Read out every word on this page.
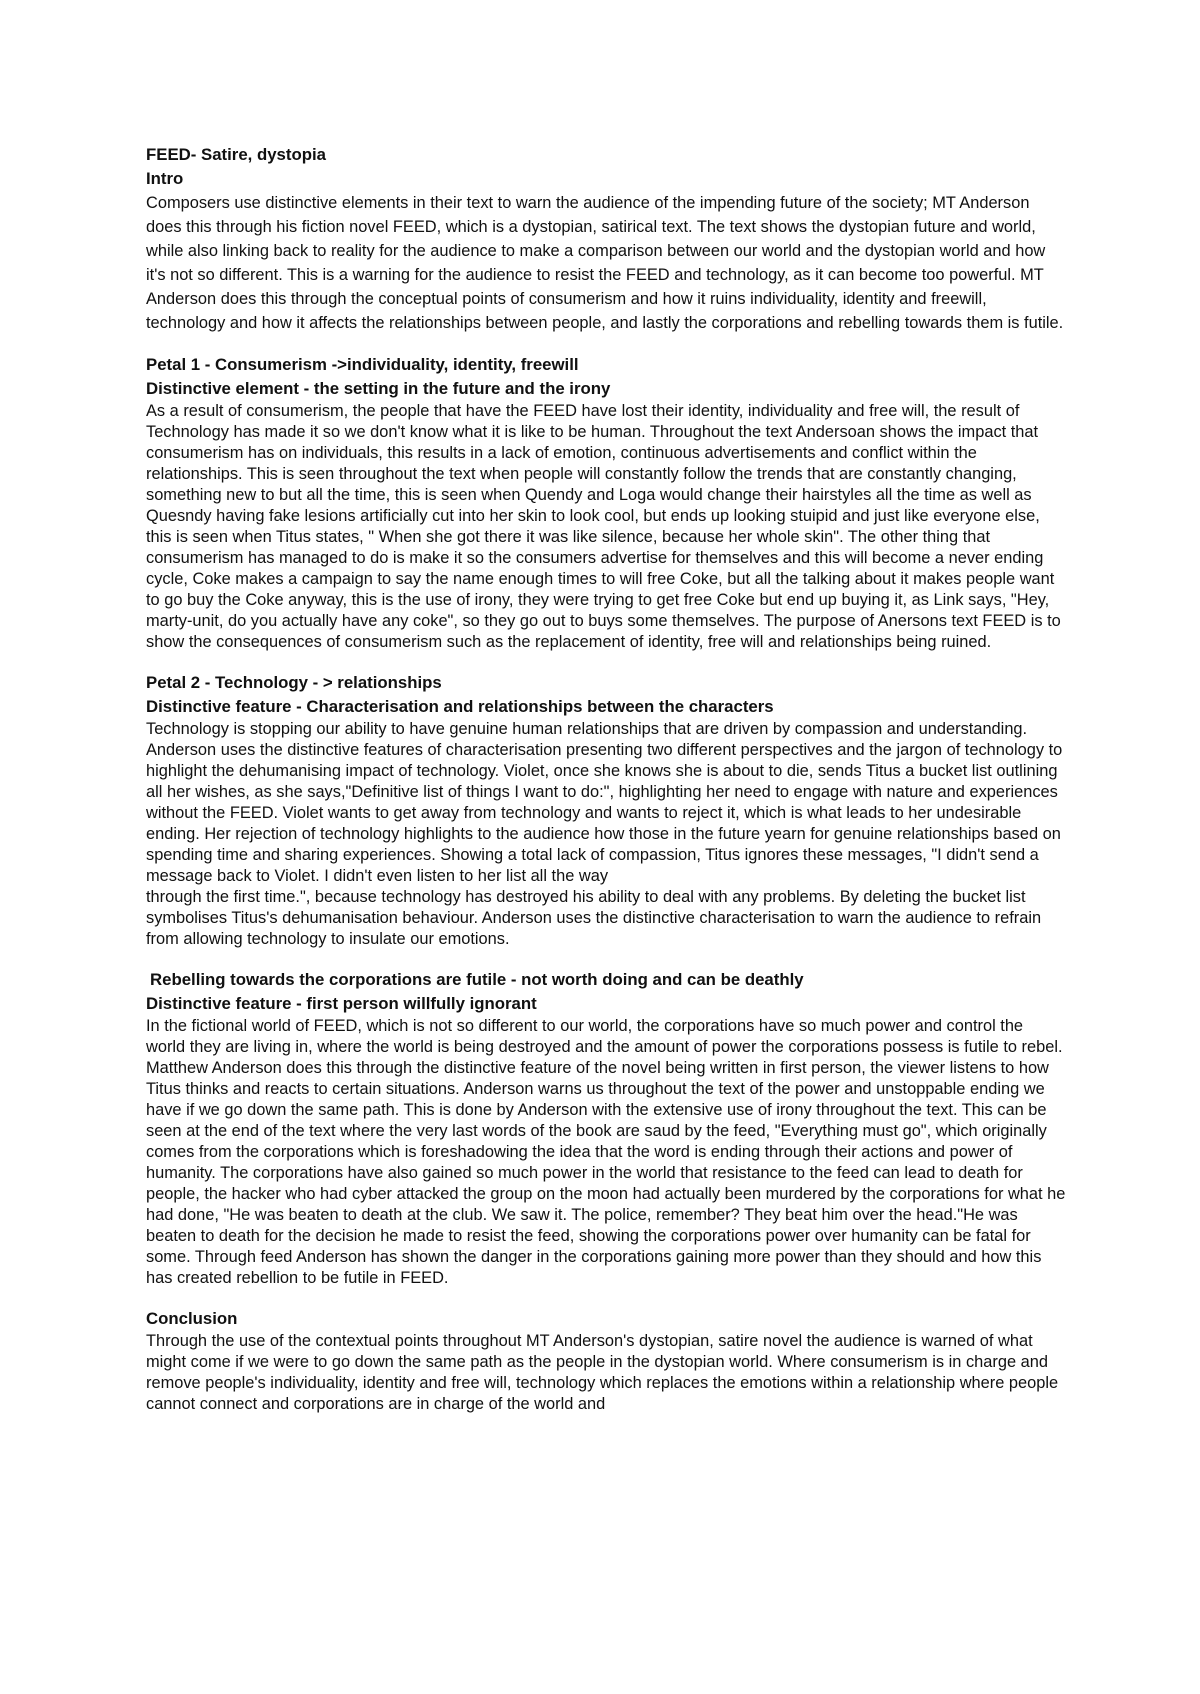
FEED- Satire, dystopia

Intro

Composers use distinctive elements in their text to warn the audience of the impending future of the society; MT Anderson does this through his fiction novel FEED, which is a dystopian, satirical text. The text shows the dystopian future and world, while also linking back to reality for the audience to make a comparison between our world and the dystopian world and how it's not so different. This is a warning for the audience to resist the FEED and technology, as it can become too powerful. MT Anderson does this through the conceptual points of consumerism and how it ruins individuality, identity and freewill, technology and how it affects the relationships between people, and lastly the corporations and rebelling towards them is futile.

Petal 1 - Consumerism ->individuality, identity, freewill

Distinctive element - the setting in the future and the irony

As a result of consumerism, the people that have the FEED have lost their identity, individuality and free will, the result of Technology has made it so we don't know what it is like to be human. Throughout the text Andersoan shows the impact that consumerism has on individuals, this results in a lack of emotion, continuous advertisements and conflict within the relationships. This is seen throughout the text when people will constantly follow the trends that are constantly changing, something new to but all the time, this is seen when Quendy and Loga would change their hairstyles all the time as well as Quesndy having fake lesions artificially cut into her skin to look cool, but ends up looking stuipid and just like everyone else, this is seen when Titus states, " When she got there it was like silence, because her whole skin". The other thing that consumerism has managed to do is make it so the consumers advertise for themselves and this will become a never ending cycle, Coke makes a campaign to say the name enough times to will free Coke, but all the talking about it makes people want to go buy the Coke anyway, this is the use of irony, they were trying to get free Coke but end up buying it, as Link says, "Hey, marty-unit, do you actually have any coke", so they go out to buys some themselves. The purpose of Anersons text FEED is to show the consequences of consumerism such as the replacement of identity, free will and relationships being ruined.

Petal 2 - Technology - > relationships

Distinctive feature - Characterisation and relationships between the characters

Technology is stopping our ability to have genuine human relationships that are driven by compassion and understanding. Anderson uses the distinctive features of characterisation presenting two different perspectives and the jargon of technology to highlight the dehumanising impact of technology. Violet, once she knows she is about to die, sends Titus a bucket list outlining all her wishes, as she says,"Definitive list of things I want to do:", highlighting her need to engage with nature and experiences without the FEED. Violet wants to get away from technology and wants to reject it, which is what leads to her undesirable ending. Her rejection of technology highlights to the audience how those in the future yearn for genuine relationships based on spending time and sharing experiences. Showing a total lack of compassion, Titus ignores these messages, "I didn't send a message back to Violet. I didn't even listen to her list all the way

through the first time.", because technology has destroyed his ability to deal with any problems. By deleting the bucket list symbolises Titus's dehumanisation behaviour. Anderson uses the distinctive characterisation to warn the audience to refrain from allowing technology to insulate our emotions.

Rebelling towards the corporations are futile - not worth doing and can be deathly

Distinctive feature - first person willfully ignorant

In the fictional world of FEED, which is not so different to our world, the corporations have so much power and control the world they are living in, where the world is being destroyed and the amount of power the corporations possess is futile to rebel. Matthew Anderson does this through the distinctive feature of the novel being written in first person, the viewer listens to how Titus thinks and reacts to certain situations. Anderson warns us throughout the text of the power and unstoppable ending we have if we go down the same path. This is done by Anderson with the extensive use of irony throughout the text. This can be seen at the end of the text where the very last words of the book are saud by the feed, "Everything must go", which originally comes from the corporations which is foreshadowing the idea that the word is ending through their actions and power of humanity. The corporations have also gained so much power in the world that resistance to the feed can lead to death for people, the hacker who had cyber attacked the group on the moon had actually been murdered by the corporations for what he had done, "He was beaten to death at the club. We saw it. The police, remember? They beat him over the head."He was beaten to death for the decision he made to resist the feed, showing the corporations power over humanity can be fatal for some. Through feed Anderson has shown the danger in the corporations gaining more power than they should and how this has created rebellion to be futile in FEED.

Conclusion

Through the use of the contextual points throughout MT Anderson's dystopian, satire novel the audience is warned of what might come if we were to go down the same path as the people in the dystopian world. Where consumerism is in charge and remove people's individuality, identity and free will, technology which replaces the emotions within a relationship where people cannot connect and corporations are in charge of the world and
